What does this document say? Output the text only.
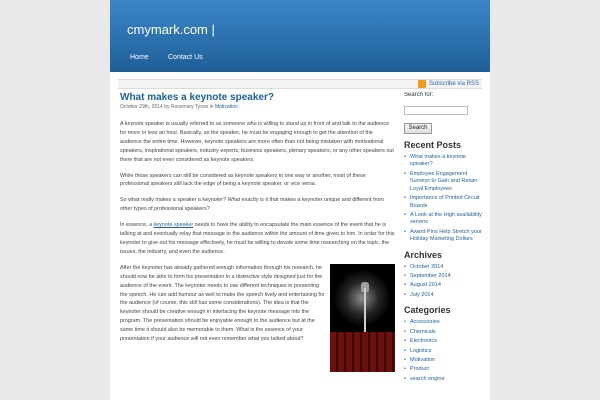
cmymark.com |
Home	Contact Us
Subscribe via RSS
What makes a keynote speaker?
October 29th, 2014 by Rosemary Tyson in Motivation

A keynote speaker is usually referred to as someone who is willing to stand up in front of and talk to the audience for more or less an hour. Basically, as the speaker, he must be engaging enough to get the attention of the audience the entire time. However, keynote speakers are more often than not being mistaken with motivational speakers, inspirational speakers, industry experts, business speakers, plenary speakers, or any other speakers out there that are not even considered as keynote speakers.

While those speakers can still be considered as keynote speakers in one way or another, most of these professional speakers still lack the edge of being a keynote speaker, or vice versa.

So what really makes a speaker a keynoter? What exactly is it that makes a keynoter unique and different from other types of professional speakers?

In essence, a keynote speaker needs to have the ability to encapsulate the main essence of the event that he is talking at and eventually relay that message to the audience within the amount of time given to him. In order for this keynoter to give out his message effectively, he must be willing to devote some time researching on the topic, the issues, the industry, and even the audience.

After the keynoter has already gathered enough information through his research, he should now be able to form his presentation in a distinctive style designed just for the audience of the event. The keynoter needs to use different techniques in presenting the speech. He can add humour as well to make the speech lively and entertaining for the audience (of course, this still has some considerations). The idea is that the keynoter should be creative enough in interlacing the keynote message into the program. The presentation should be enjoyable enough to the audience but at the same time it should also be memorable to them. What is the essence of your presentation if your audience will not even remember what you talked about?
Search for:
Search
Recent Posts
• What makes a keynote speaker?
• Employee Engagement Surveys to Gain and Retain Loyal Employees
• Importance of Printed Circuit Boards
• A Look at the High availability servers
• Award Pins Help Stretch your Holiday Marketing Dollars
Archives
• October 2014
• September 2014
• August 2014
• July 2014
Categories
• Accessories
• Chemicals
• Electronics
• Logistics
• Motivation
• Product
• search engine
